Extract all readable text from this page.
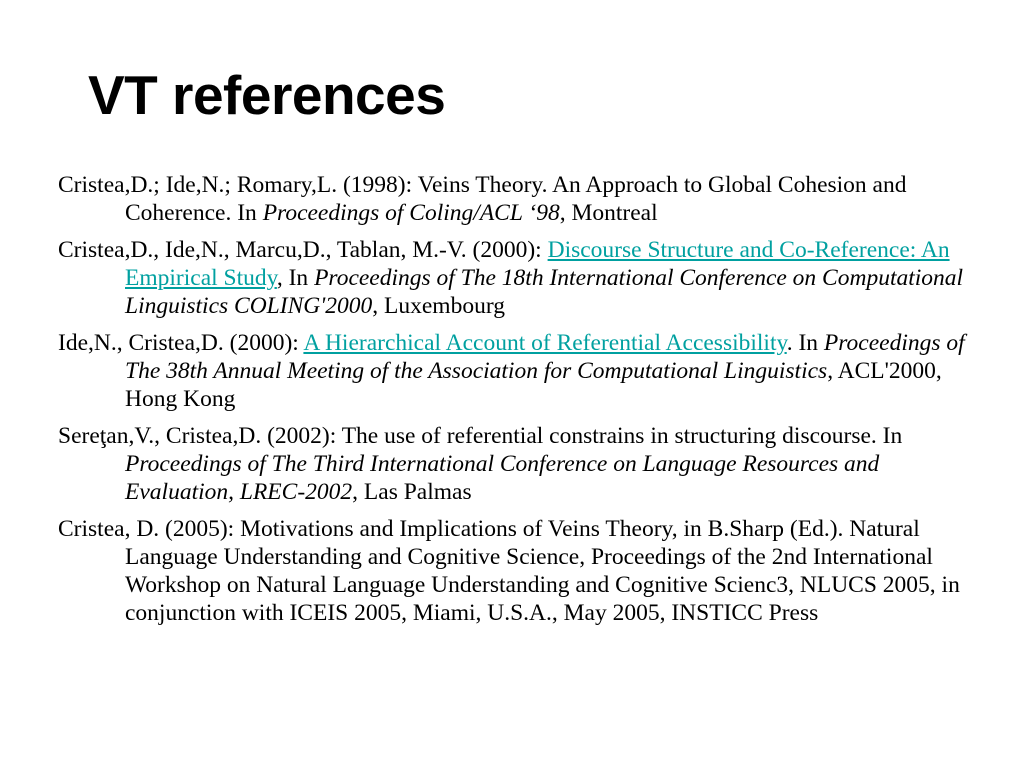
VT references
Cristea,D.; Ide,N.; Romary,L. (1998): Veins Theory. An Approach to Global Cohesion and Coherence. In Proceedings of Coling/ACL ‘98, Montreal
Cristea,D., Ide,N., Marcu,D., Tablan, M.-V. (2000): Discourse Structure and Co-Reference: An Empirical Study, In Proceedings of The 18th International Conference on Computational Linguistics COLING'2000, Luxembourg
Ide,N., Cristea,D. (2000): A Hierarchical Account of Referential Accessibility. In Proceedings of The 38th Annual Meeting of the Association for Computational Linguistics, ACL'2000, Hong Kong
Sereţan,V., Cristea,D. (2002): The use of referential constrains in structuring discourse. In Proceedings of The Third International Conference on Language Resources and Evaluation, LREC-2002, Las Palmas
Cristea, D. (2005): Motivations and Implications of Veins Theory, in B.Sharp (Ed.). Natural Language Understanding and Cognitive Science, Proceedings of the 2nd International Workshop on Natural Language Understanding and Cognitive Scienc3, NLUCS 2005, in conjunction with ICEIS 2005, Miami, U.S.A., May 2005, INSTICC Press
